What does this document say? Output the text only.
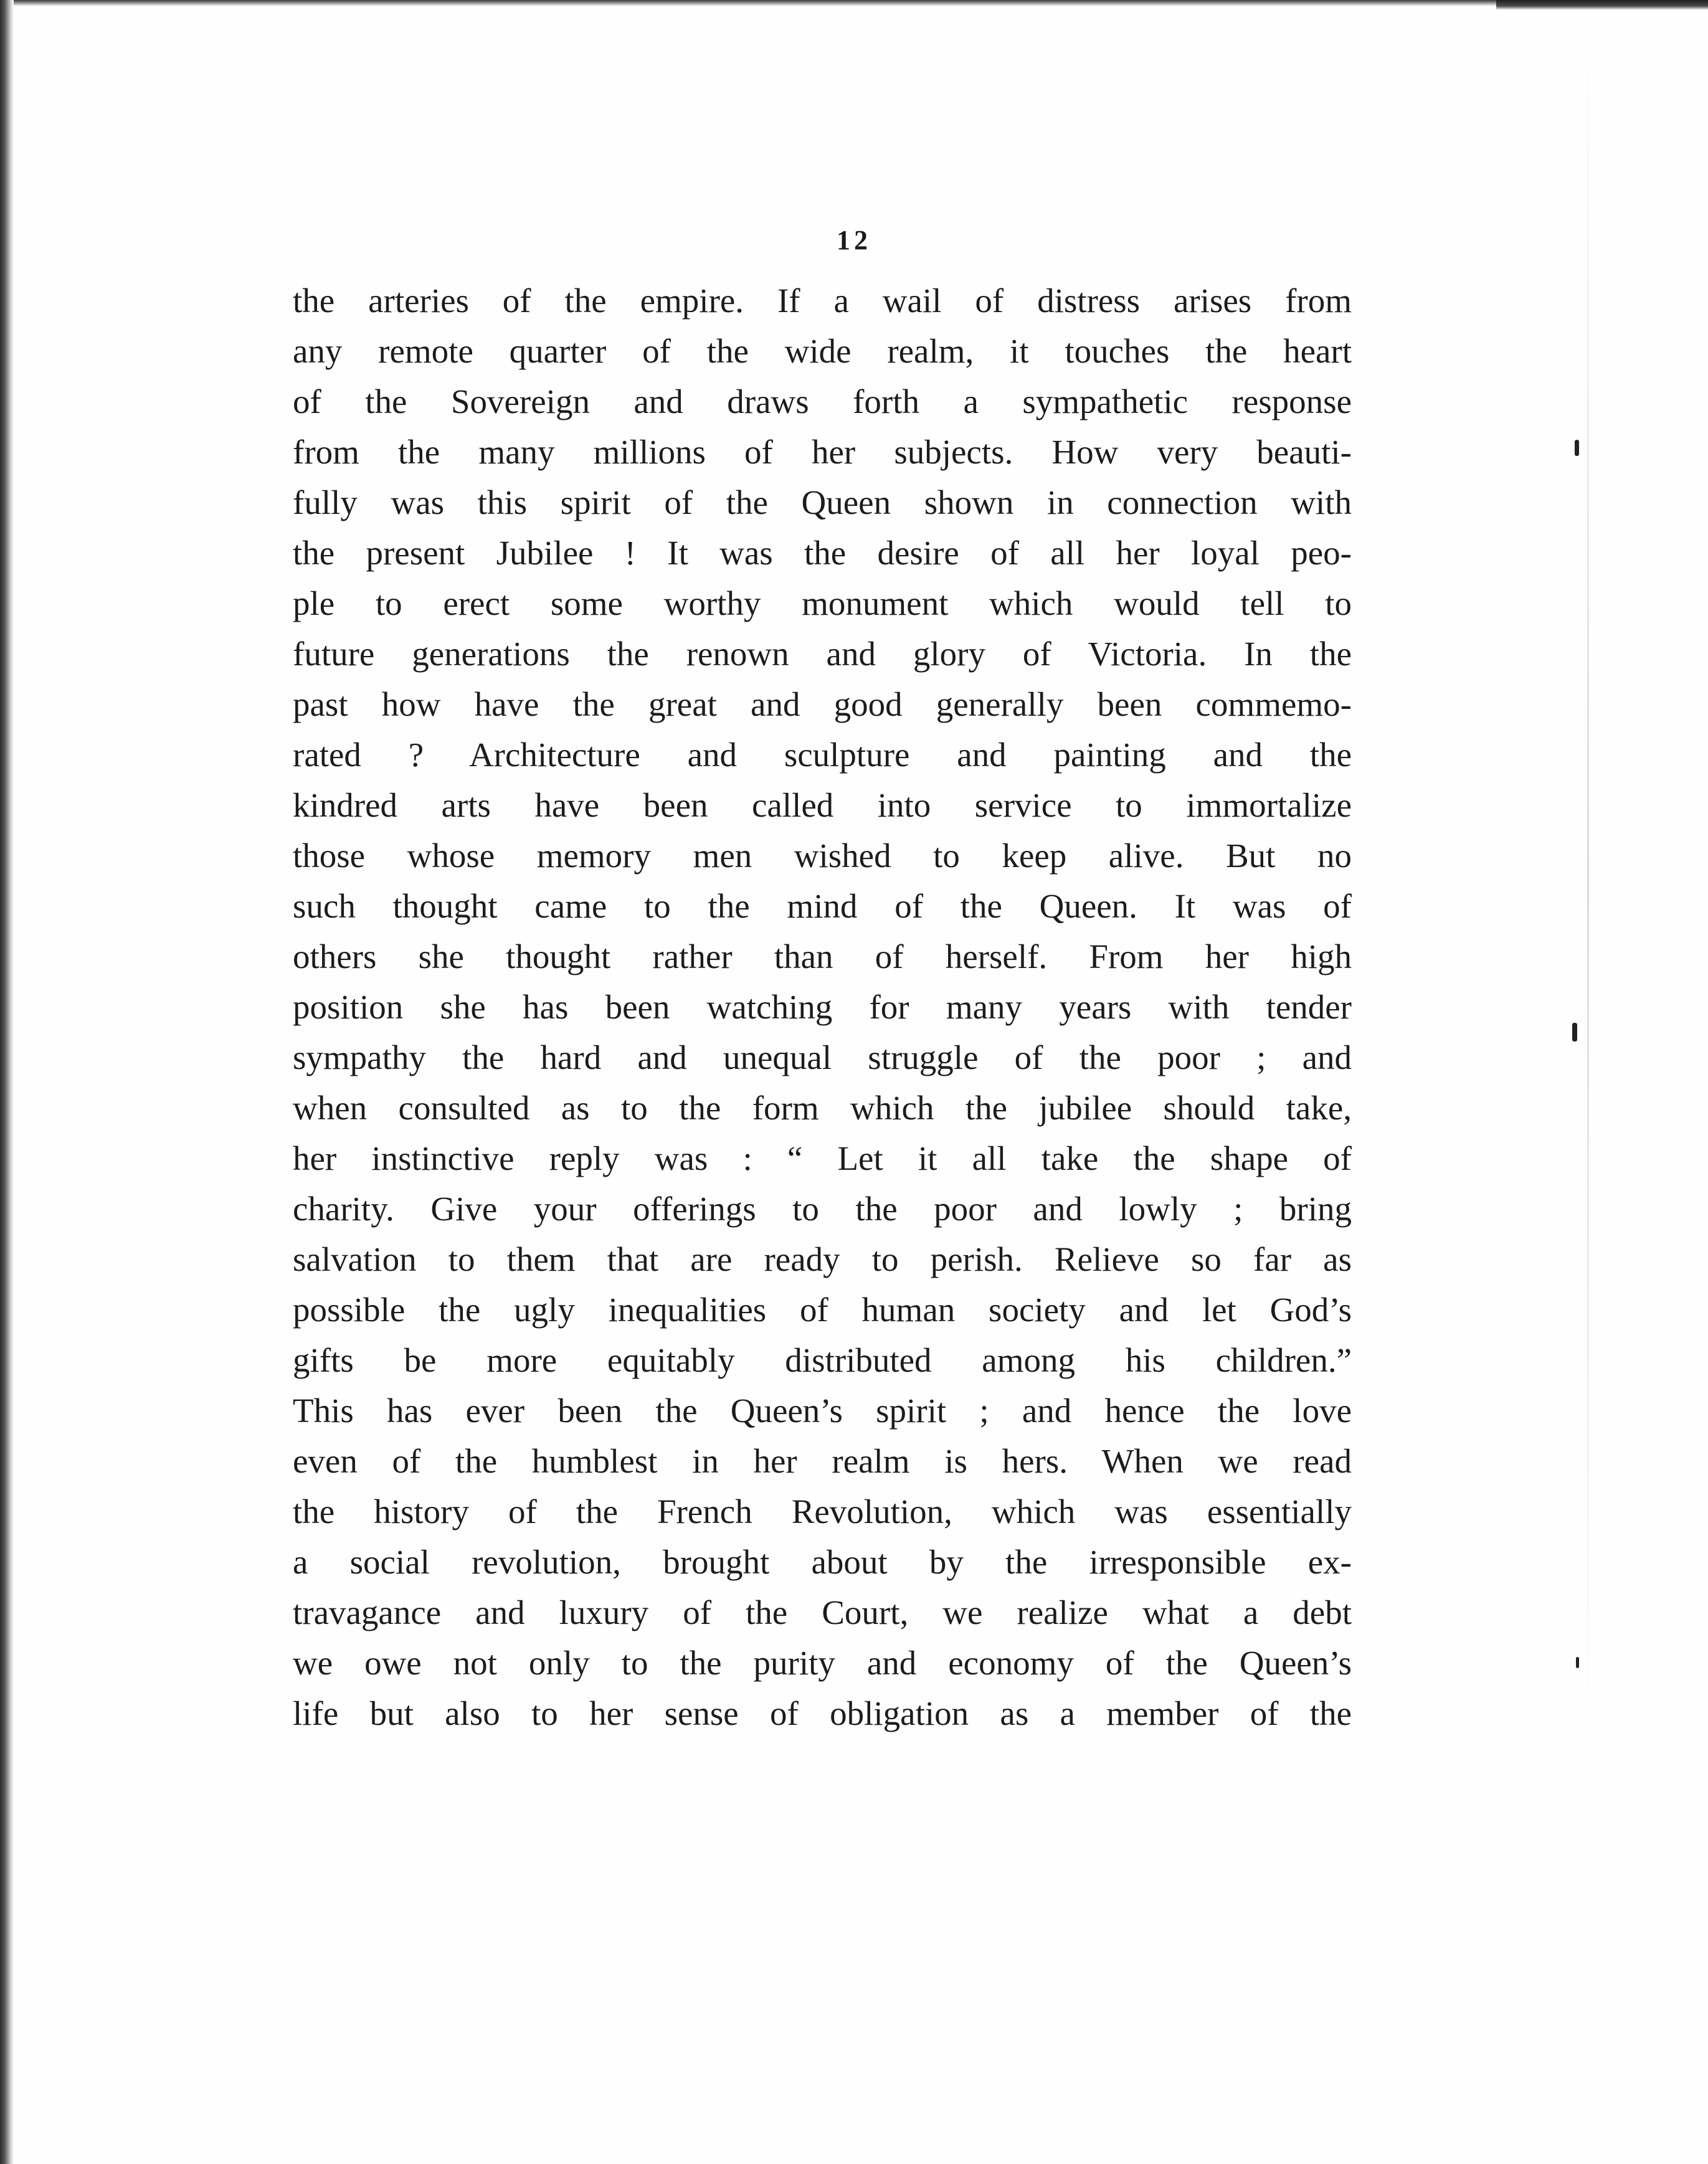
12
the arteries of the empire. If a wail of distress arises from
any remote quarter of the wide realm, it touches the heart
of the Sovereign and draws forth a sympathetic response
from the many millions of her subjects. How very beauti-
fully was this spirit of the Queen shown in connection with
the present Jubilee ! It was the desire of all her loyal peo-
ple to erect some worthy monument which would tell to
future generations the renown and glory of Victoria. In the
past how have the great and good generally been commemo-
rated ? Architecture and sculpture and painting and the
kindred arts have been called into service to immortalize
those whose memory men wished to keep alive. But no
such thought came to the mind of the Queen. It was of
others she thought rather than of herself. From her high
position she has been watching for many years with tender
sympathy the hard and unequal struggle of the poor ; and
when consulted as to the form which the jubilee should take,
her instinctive reply was : “ Let it all take the shape of
charity. Give your offerings to the poor and lowly ; bring
salvation to them that are ready to perish. Relieve so far as
possible the ugly inequalities of human society and let God’s
gifts be more equitably distributed among his children.”
This has ever been the Queen’s spirit ; and hence the love
even of the humblest in her realm is hers. When we read
the history of the French Revolution, which was essentially
a social revolution, brought about by the irresponsible ex-
travagance and luxury of the Court, we realize what a debt
we owe not only to the purity and economy of the Queen’s
life but also to her sense of obligation as a member of the
